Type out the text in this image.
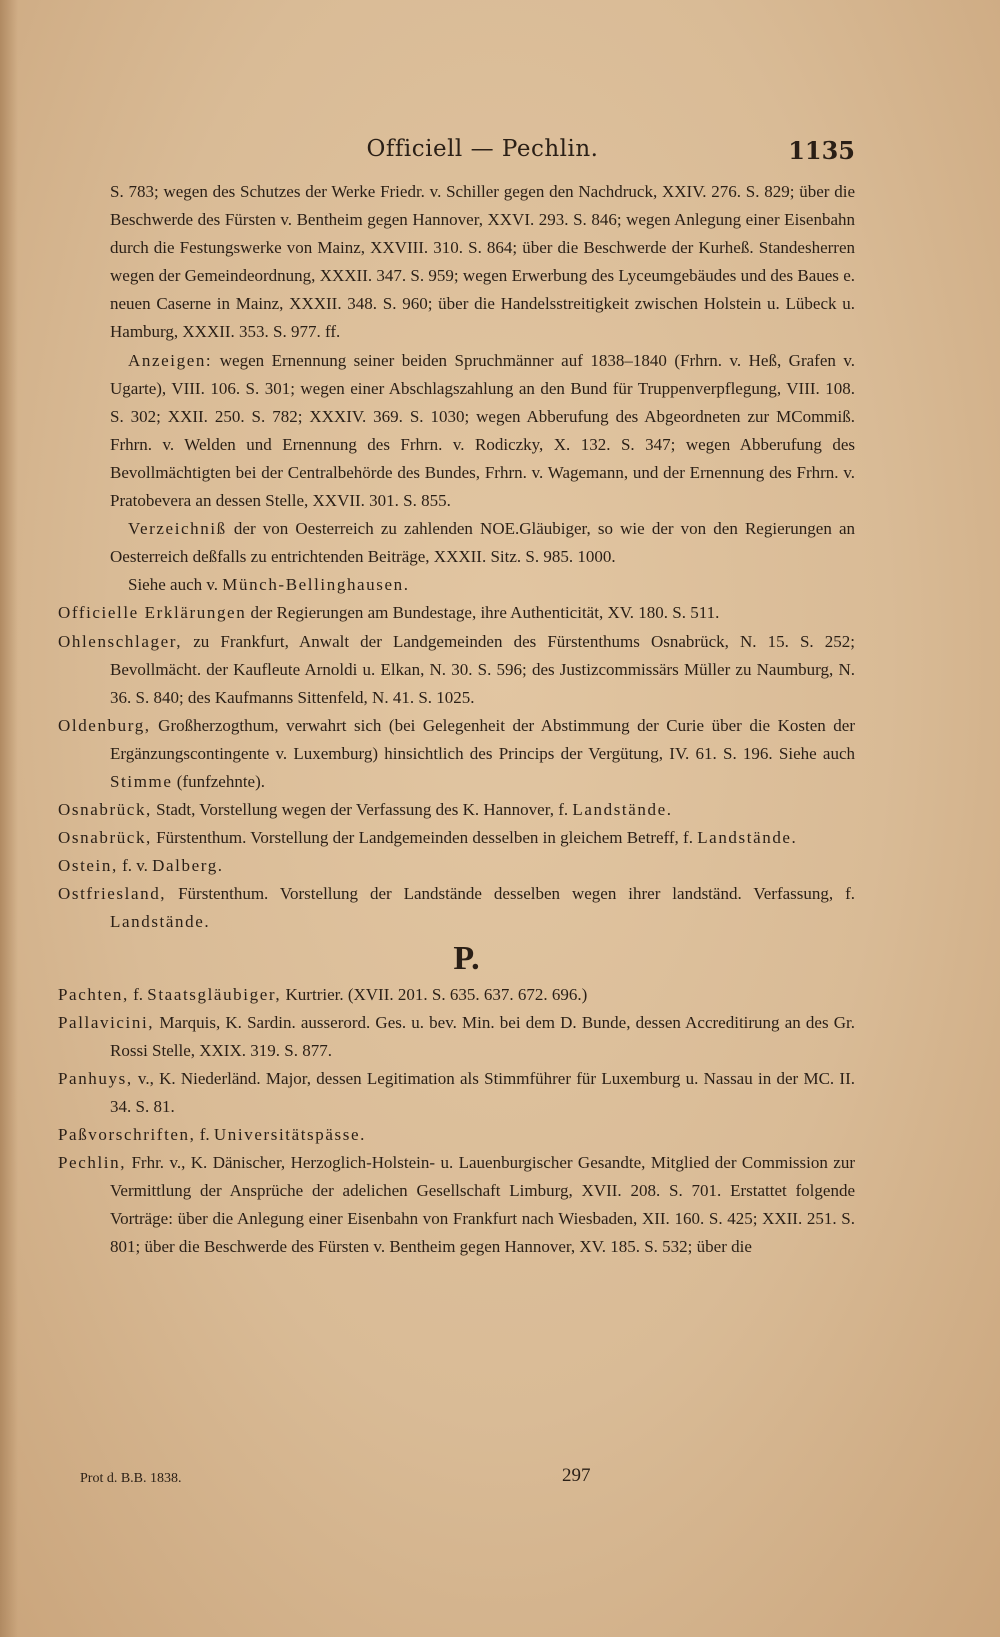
Officiell — Pechlin.	1135

S. 783; wegen des Schutzes der Werke Friedr. v. Schiller gegen den Nachdruck, XXIV. 276. S. 829; über die Beschwerde des Fürsten v. Bentheim gegen Hannover, XXVI. 293. S. 846; wegen Anlegung einer Eisenbahn durch die Festungswerke von Mainz, XXVIII. 310. S. 864; über die Beschwerde der Kurheß. Standesherren wegen der Gemeindeordnung, XXXII. 347. S. 959; wegen Erwerbung des Lyceumgebäudes und des Baues e. neuen Caserne in Mainz, XXXII. 348. S. 960; über die Handelsstreitigkeit zwischen Holstein u. Lübeck u. Hamburg, XXXII. 353. S. 977. ff.

Anzeigen: wegen Ernennung seiner beiden Spruchmänner auf 1838–1840 (Frhrn. v. Heß, Grafen v. Ugarte), VIII. 106. S. 301; wegen einer Abschlagszahlung an den Bund für Truppenverpflegung, VIII. 108. S. 302; XXII. 250. S. 782; XXXIV. 369. S. 1030; wegen Abberufung des Abgeordneten zur MCommiß. Frhrn. v. Welden und Ernennung des Frhrn. v. Rodiczky, X. 132. S. 347; wegen Abberufung des Bevollmächtigten bei der Centralbehörde des Bundes, Frhrn. v. Wagemann, und der Ernennung des Frhrn. v. Pratobevera an dessen Stelle, XXVII. 301. S. 855.

Verzeichniß der von Oesterreich zu zahlenden NOE.Gläubiger, so wie der von den Regierungen an Oesterreich deßfalls zu entrichtenden Beiträge, XXXII. Sitz. S. 985. 1000.

Siehe auch v. Münch-Bellinghausen.

Officielle Erklärungen der Regierungen am Bundestage, ihre Authenticität, XV. 180. S. 511.

Ohlenschlager, zu Frankfurt, Anwalt der Landgemeinden des Fürstenthums Osnabrück, N. 15. S. 252; Bevollmächt. der Kaufleute Arnoldi u. Elkan, N. 30. S. 596; des Justizcommissärs Müller zu Naumburg, N. 36. S. 840; des Kaufmanns Sittenfeld, N. 41. S. 1025.

Oldenburg, Großherzogthum, verwahrt sich (bei Gelegenheit der Abstimmung der Curie über die Kosten der Ergänzungscontingente v. Luxemburg) hinsichtlich des Princips der Vergütung, IV. 61. S. 196. Siehe auch Stimme (funfzehnte).

Osnabrück, Stadt, Vorstellung wegen der Verfassung des K. Hannover, f. Landstände.

Osnabrück, Fürstenthum. Vorstellung der Landgemeinden desselben in gleichem Betreff, f. Landstände.

Ostein, f. v. Dalberg.

Ostfriesland, Fürstenthum. Vorstellung der Landstände desselben wegen ihrer landständ. Verfassung, f. Landstände.

P.

Pachten, f. Staatsgläubiger, Kurtrier. (XVII. 201. S. 635. 637. 672. 696.)

Pallavicini, Marquis, K. Sardin. ausserord. Ges. u. bev. Min. bei dem D. Bunde, dessen Accreditirung an des Gr. Rossi Stelle, XXIX. 319. S. 877.

Panhuys, v., K. Niederländ. Major, dessen Legitimation als Stimmführer für Luxemburg u. Nassau in der MC. II. 34. S. 81.

Paßvorschriften, f. Universitätspässe.

Pechlin, Frhr. v., K. Dänischer, Herzoglich-Holstein- u. Lauenburgischer Gesandte, Mitglied der Commission zur Vermittlung der Ansprüche der adelichen Gesellschaft Limburg, XVII. 208. S. 701. Erstattet folgende Vorträge: über die Anlegung einer Eisenbahn von Frankfurt nach Wiesbaden, XII. 160. S. 425; XXII. 251. S. 801; über die Beschwerde des Fürsten v. Bentheim gegen Hannover, XV. 185. S. 532; über die

Prot d. B.B. 1838.	297
